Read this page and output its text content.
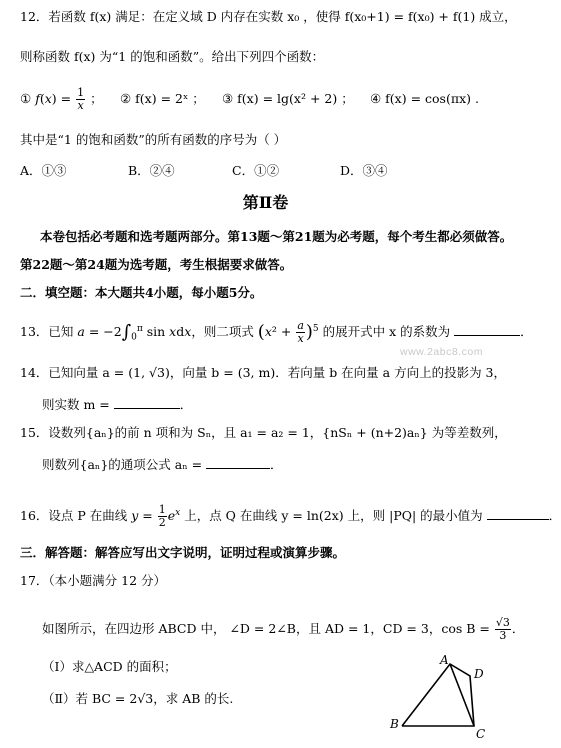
12．若函数 f(x) 满足：在定义域 D 内存在实数 x₀ ，使得 f(x₀+1) = f(x₀) + f(1) 成立，
则称函数 f(x) 为“1 的饱和函数”。给出下列四个函数：
① $f(x) = \frac{1}{x}$ ； ② f(x) = 2ˣ ； ③ f(x) = lg(x² + 2) ； ④ f(x) = cos(πx) .
其中是“1 的饱和函数”的所有函数的序号为（ ）
A．①③	B．②④	C．①②	D．③④
第Ⅱ卷
本卷包括必考题和选考题两部分。第13题～第21题为必考题，每个考生都必须做答。
第22题～第24题为选考题，考生根据要求做答。
二．填空题：本大题共4小题，每小题5分。
13．已知 $a = -2\int_0^\pi$ sin xdx，则二项式 $(x^2 + \frac{a}{x} )^5$ 的展开式中 x 的系数为	．
www.2abc8.com
14．已知向量 a = (1, √3)，向量 b = (3, m)．若向量 b 在向量 a 方向上的投影为 3，
则实数 m =	．
15．设数列{aₙ}的前 n 项和为 Sₙ，且 a₁ = a₂ = 1，{nSₙ + (n+2)aₙ} 为等差数列，
则数列{aₙ}的通项公式 aₙ =	．
16．设点 P 在曲线 $y = \frac{1}{2} e^x$ 上，点 Q 在曲线 y = ln(2x) 上，则 |PQ| 的最小值为	．
三．解答题：解答应写出文字说明，证明过程或演算步骤。
17．（本小题满分 12 分）
如图所示，在四边形 ABCD 中， ∠D = 2∠B，且 AD = 1，CD = 3，$\cos B = \frac{√3}{3}$ ．
（Ⅰ）求△ACD 的面积；
（Ⅱ）若 BC = 2√3，求 AB 的长.
A
D
B
C
